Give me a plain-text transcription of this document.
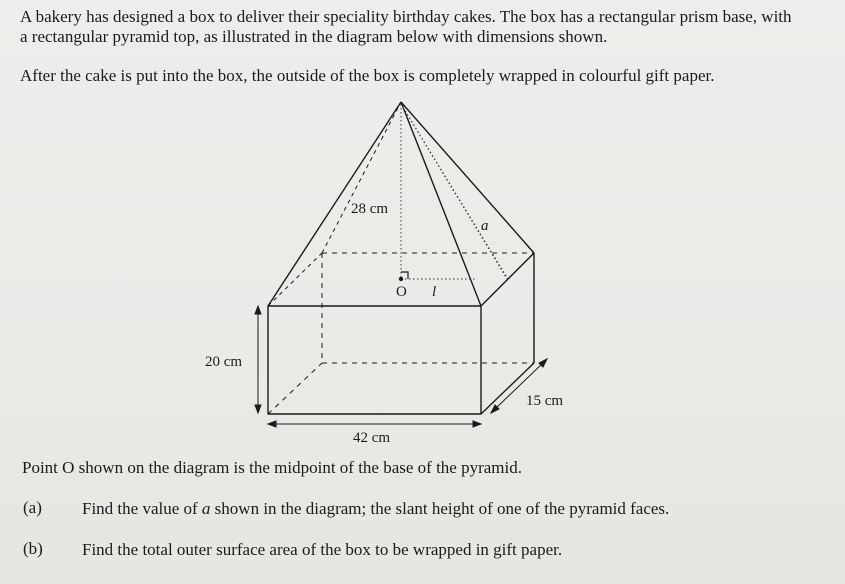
A bakery has designed a box to deliver their speciality birthday cakes. The box has a rectangular prism base, with

a rectangular pyramid top, as illustrated in the diagram below with dimensions shown.

After the cake is put into the box, the outside of the box is completely wrapped in colourful gift paper.

28 cm
a
l
O
20 cm
15 cm
42 cm

Point O shown on the diagram is the midpoint of the base of the pyramid.

(a) Find the value of a shown in the diagram; the slant height of one of the pyramid faces.
(b) Find the total outer surface area of the box to be wrapped in gift paper.
